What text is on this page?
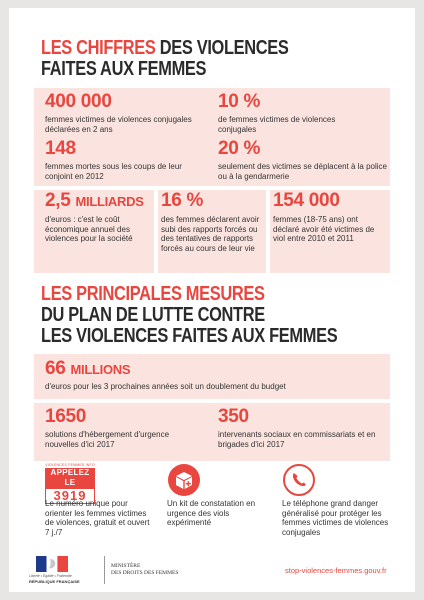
LES CHIFFRES DES VIOLENCES
FAITES AUX FEMMES
400 000
femmes victimes de violences conjugales déclarées en 2 ans
10 %
de femmes victimes de violences conjugales
148
femmes mortes sous les coups de leur conjoint en 2012
20 %
seulement des victimes se déplacent à la police ou à la gendarmerie
2,5 MILLIARDS
d'euros : c'est le coût économique annuel des violences pour la société
16 %
des femmes déclarent avoir subi des rapports forcés ou des tentatives de rapports forcés au cours de leur vie
154 000
femmes (18-75 ans) ont déclaré avoir été victimes de viol entre 2010 et 2011
LES PRINCIPALES MESURES
DU PLAN DE LUTTE CONTRE
LES VIOLENCES FAITES AUX FEMMES
66 MILLIONS
d'euros pour les 3 prochaines années soit un doublement du budget
1650
solutions d'hébergement d'urgence nouvelles d'ici 2017
350
intervenants sociaux en commissariats et en brigades d'ici 2017
VIOLENCES FEMMES INFO
APPELEZ LE
3919
Le numéro unique pour orienter les femmes victimes de violences, gratuit et ouvert 7 j./7
Un kit de constatation en urgence des viols expérimenté
Le téléphone grand danger généralisé pour protéger les femmes victimes de violences conjugales
Liberté • Égalité • Fraternité
RÉPUBLIQUE FRANÇAISE
MINISTÈRE
DES DROITS DES FEMMES	stop-violences-femmes.gouv.fr
